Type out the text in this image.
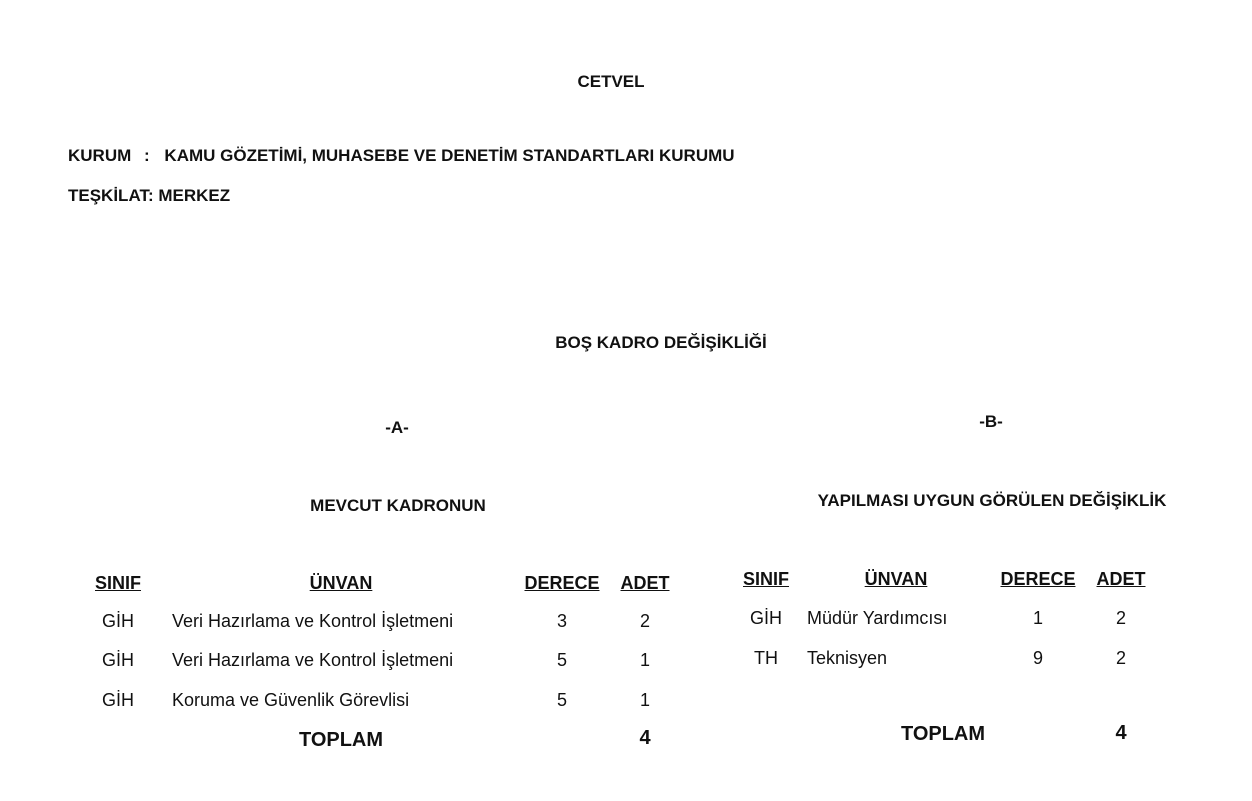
CETVEL
KURUM : KAMU GÖZETİMİ, MUHASEBE VE DENETİM STANDARTLARI KURUMU
TEŞKİLAT: MERKEZ
BOŞ KADRO DEĞİŞİKLİĞİ
-A-
MEVCUT KADRONUN
SINIF	ÜNVAN	DERECE ADET
GİH Veri Hazırlama ve Kontrol İşletmeni	3	2
GİH Veri Hazırlama ve Kontrol İşletmeni	5	1
GİH Koruma ve Güvenlik Görevlisi	5	1
TOPLAM	4
-B-
YAPILMASI UYGUN GÖRÜLEN DEĞİŞİKLİK
SINIF	ÜNVAN	DERECE ADET
GİH Müdür Yardımcısı	1	2
TH Teknisyen	9	2
TOPLAM	4
